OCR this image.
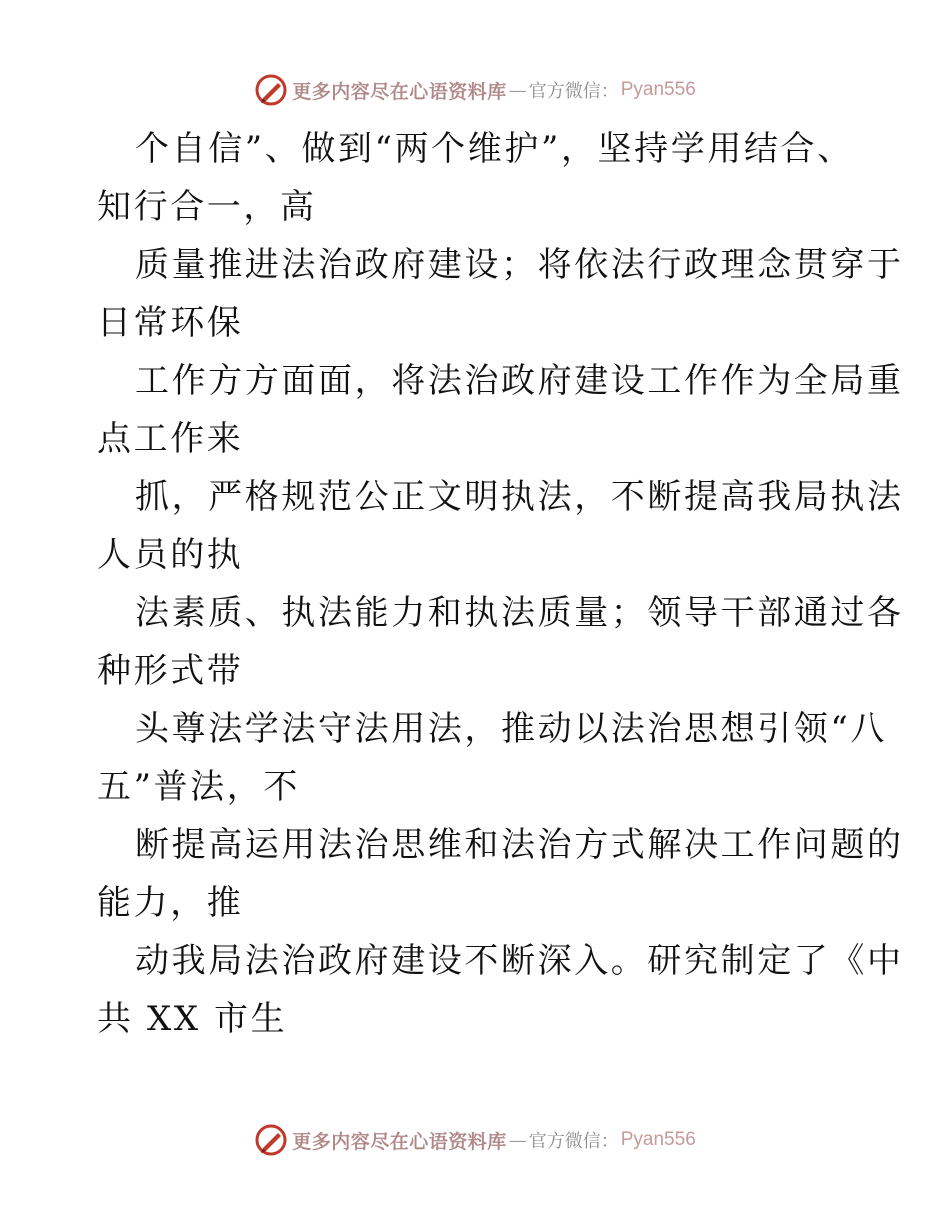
更多内容尽在心语资料库 — 官方微信： Pyan556
个自信”、做到“两个维护”，坚持学用结合、
知行合一，高
质量推进法治政府建设；将依法行政理念贯穿于
日常环保
工作方方面面，将法治政府建设工作作为全局重
点工作来
抓，严格规范公正文明执法，不断提高我局执法
人员的执
法素质、执法能力和执法质量；领导干部通过各
种形式带
头尊法学法守法用法，推动以法治思想引领“八
五”普法，不
断提高运用法治思维和法治方式解决工作问题的
能力，推
动我局法治政府建设不断深入。研究制定了《中
共 XX 市生
更多内容尽在心语资料库 — 官方微信： Pyan556
